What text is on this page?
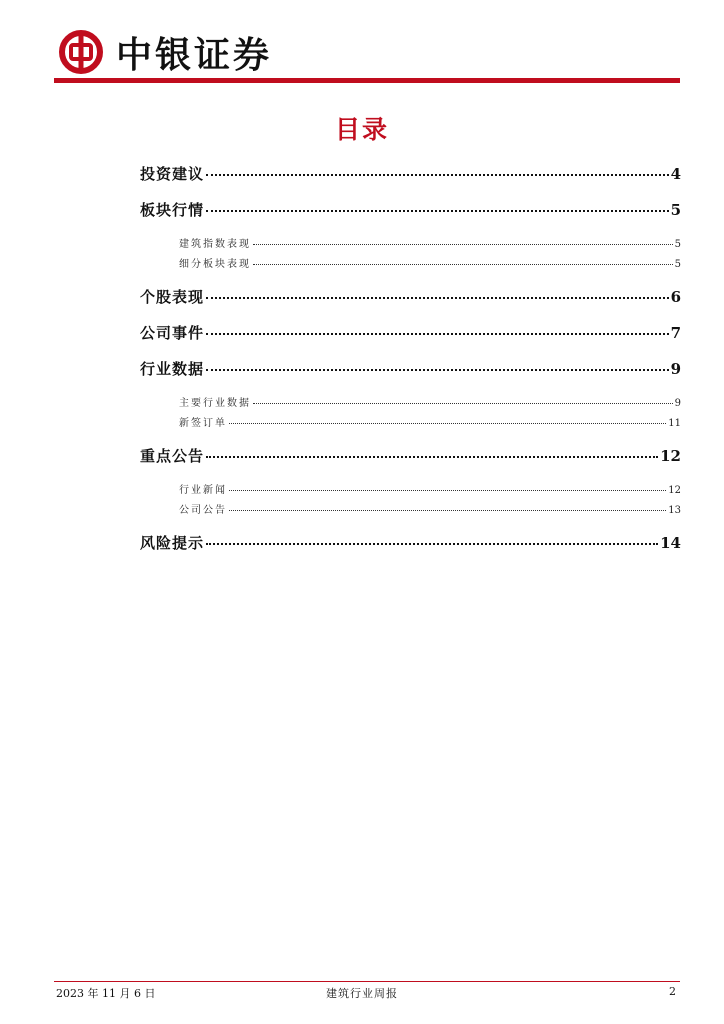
中银证券
目录
投资建议	4
板块行情	5
建筑指数表现	5
细分板块表现	5
个股表现	6
公司事件	7
行业数据	9
主要行业数据	9
新签订单	11
重点公告	12
行业新闻	12
公司公告	13
风险提示	14
2023 年 11 月 6 日	建筑行业周报	2
